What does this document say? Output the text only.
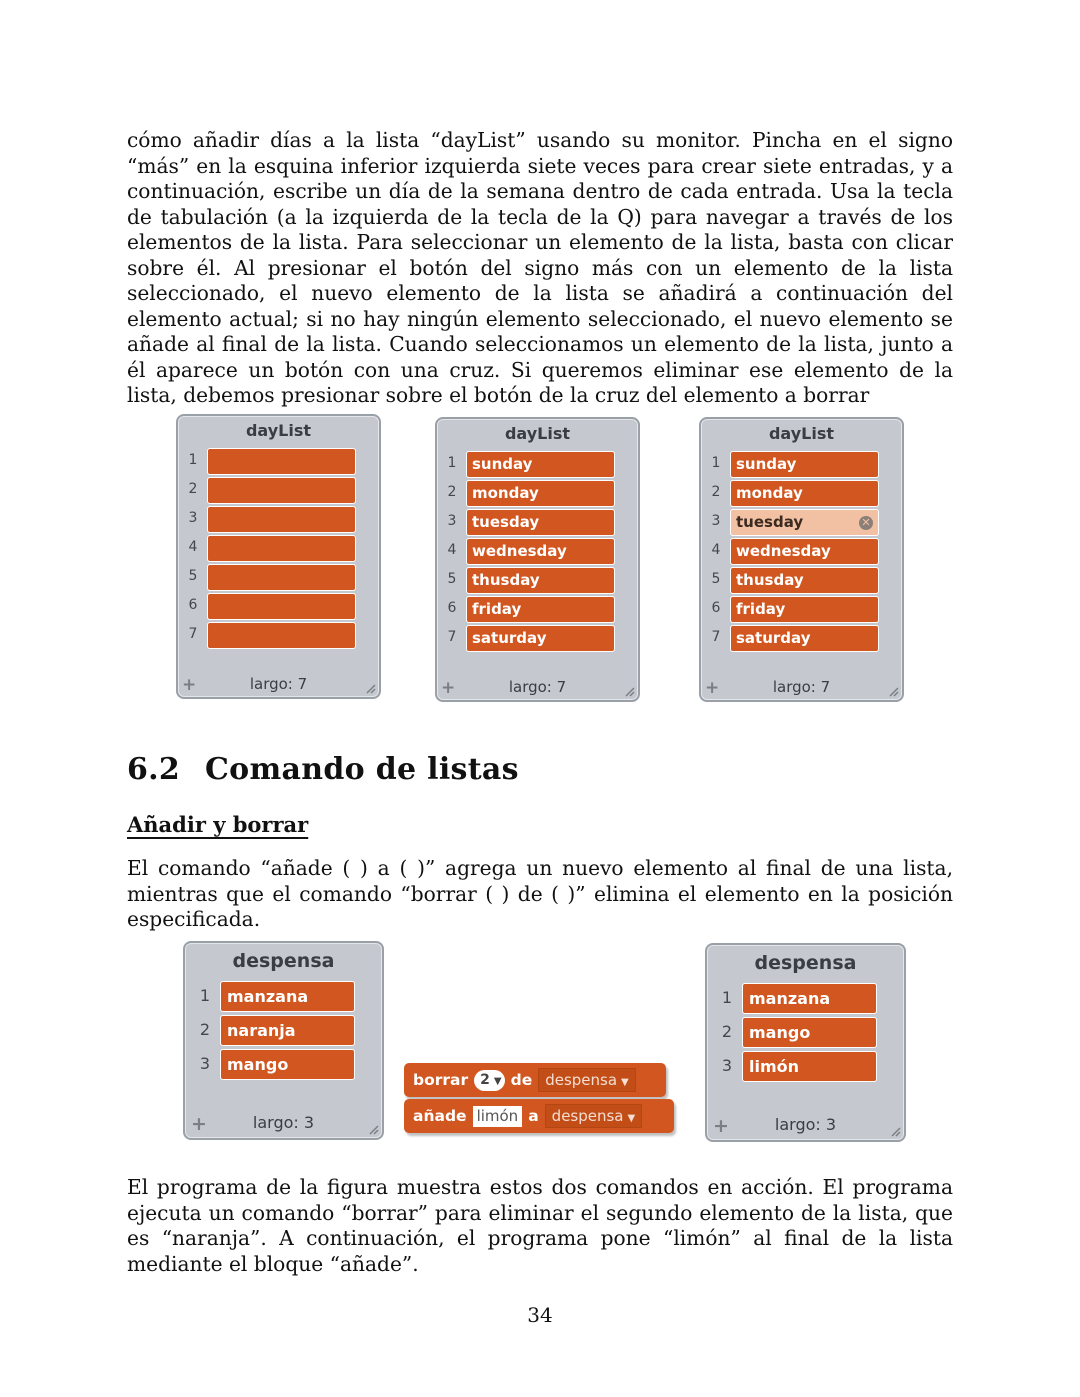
cómo añadir días a la lista “dayList” usando su monitor. Pincha en el signo “más” en la esquina inferior izquierda siete veces para crear siete entradas, y a continuación, escribe un día de la semana dentro de cada entrada. Usa la tecla de tabulación (a la izquierda de la tecla de la Q) para navegar a través de los elementos de la lista. Para seleccionar un elemento de la lista, basta con clicar sobre él. Al presionar el botón del signo más con un elemento de la lista seleccionado, el nuevo elemento de la lista se añadirá a continuación del elemento actual; si no hay ningún elemento seleccionado, el nuevo elemento se añade al final de la lista. Cuando seleccionamos un elemento de la lista, junto a él aparece un botón con una cruz. Si queremos eliminar ese elemento de la lista, debemos presionar sobre el botón de la cruz del elemento a borrar

dayList
1
2
3
4
5
6
7
+	largo: 7
dayList
1	sunday
2	monday
3	tuesday
4	wednesday
5	thusday
6	friday
7	saturday
+	largo: 7
dayList
1	sunday
2	monday
3	tuesday	✕
4	wednesday
5	thusday
6	friday
7	saturday
+	largo: 7
6.2 Comando de listas
Añadir y borrar

El comando “añade ( ) a ( )” agrega un nuevo elemento al final de una lista, mientras que el comando “borrar ( ) de ( )” elimina el elemento en la posición especificada.

despensa
1	manzana
2	naranja
3	mango
+	largo: 3
borrar 2 ▼ de despensa ▼
añade limón a despensa ▼
despensa
1	manzana
2	mango
3	limón
+	largo: 3

El programa de la figura muestra estos dos comandos en acción. El programa ejecuta un comando “borrar” para eliminar el segundo elemento de la lista, que es “naranja”. A continuación, el programa pone “limón” al final de la lista mediante el bloque “añade”.

34
